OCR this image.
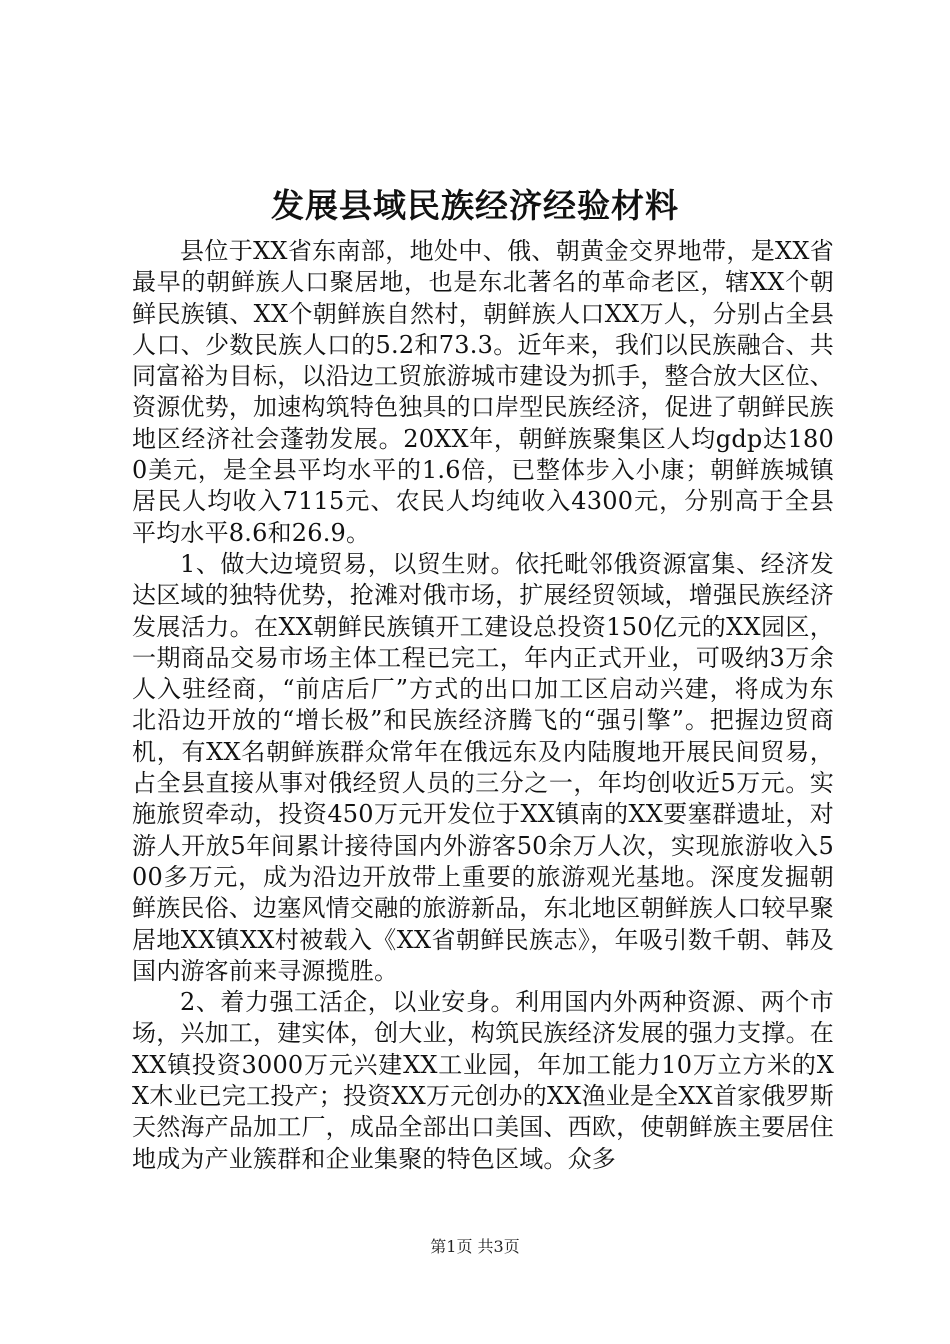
发展县域民族经济经验材料

县位于XX省东南部，地处中、俄、朝黄金交界地带，是XX省最早的朝鲜族人口聚居地，也是东北著名的革命老区，辖XX个朝鲜民族镇、XX个朝鲜族自然村，朝鲜族人口XX万人，分别占全县人口、少数民族人口的5.2和73.3。近年来，我们以民族融合、共同富裕为目标，以沿边工贸旅游城市建设为抓手，整合放大区位、资源优势，加速构筑特色独具的口岸型民族经济，促进了朝鲜民族地区经济社会蓬勃发展。20XX年，朝鲜族聚集区人均gdp达1800美元，是全县平均水平的1.6倍，已整体步入小康；朝鲜族城镇居民人均收入7115元、农民人均纯收入4300元，分别高于全县平均水平8.6和26.9。

1、做大边境贸易，以贸生财。依托毗邻俄资源富集、经济发达区域的独特优势，抢滩对俄市场，扩展经贸领域，增强民族经济发展活力。在XX朝鲜民族镇开工建设总投资150亿元的XX园区，一期商品交易市场主体工程已完工，年内正式开业，可吸纳3万余人入驻经商，“前店后厂”方式的出口加工区启动兴建，将成为东北沿边开放的“增长极”和民族经济腾飞的“强引擎”。把握边贸商机，有XX名朝鲜族群众常年在俄远东及内陆腹地开展民间贸易，占全县直接从事对俄经贸人员的三分之一，年均创收近5万元。实施旅贸牵动，投资450万元开发位于XX镇南的XX要塞群遗址，对游人开放5年间累计接待国内外游客50余万人次，实现旅游收入500多万元，成为沿边开放带上重要的旅游观光基地。深度发掘朝鲜族民俗、边塞风情交融的旅游新品，东北地区朝鲜族人口较早聚居地XX镇XX村被载入《XX省朝鲜民族志》，年吸引数千朝、韩及国内游客前来寻源揽胜。

2、着力强工活企，以业安身。利用国内外两种资源、两个市场，兴加工，建实体，创大业，构筑民族经济发展的强力支撑。在XX镇投资3000万元兴建XX工业园，年加工能力10万立方米的XX木业已完工投产；投资XX万元创办的XX渔业是全XX首家俄罗斯天然海产品加工厂，成品全部出口美国、西欧，使朝鲜族主要居住地成为产业簇群和企业集聚的特色区域。众多

第1页 共3页
